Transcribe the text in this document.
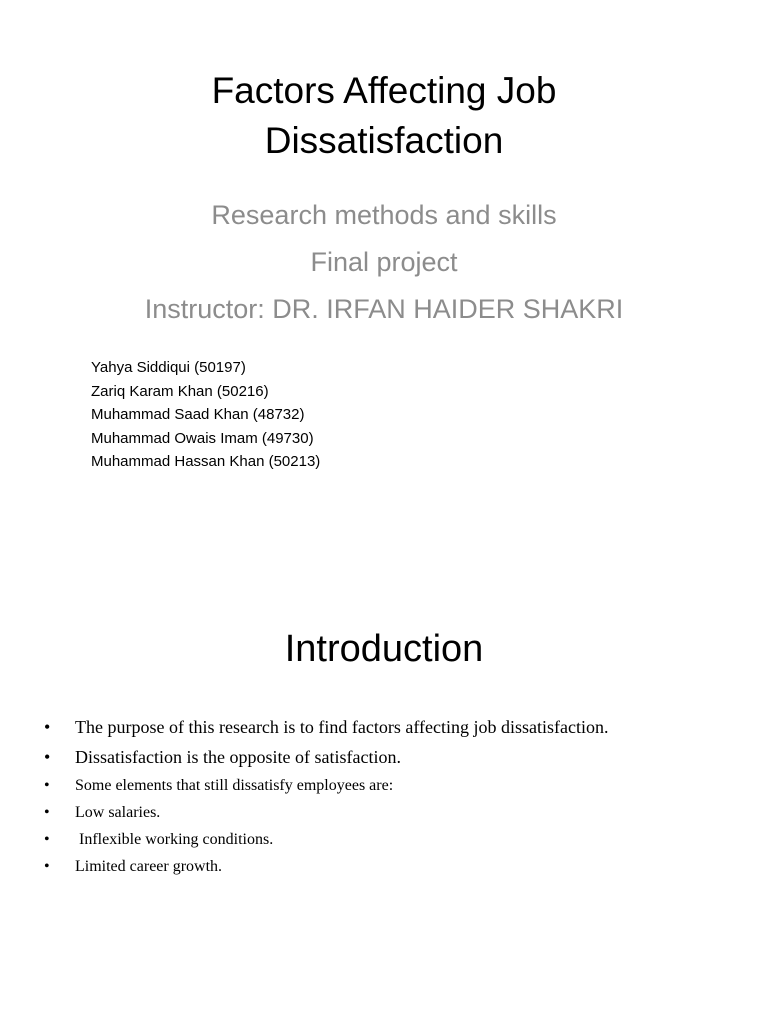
Factors Affecting Job
Dissatisfaction
Research methods and skills
Final project
Instructor: DR. IRFAN HAIDER SHAKRI
Yahya Siddiqui (50197)
Zariq Karam Khan (50216)
Muhammad Saad Khan (48732)
Muhammad Owais Imam (49730)
Muhammad Hassan Khan (50213)
Introduction
• The purpose of this research is to find factors affecting job dissatisfaction.
• Dissatisfaction is the opposite of satisfaction.
• Some elements that still dissatisfy employees are:
• Low salaries.
• Inflexible working conditions.
• Limited career growth.
